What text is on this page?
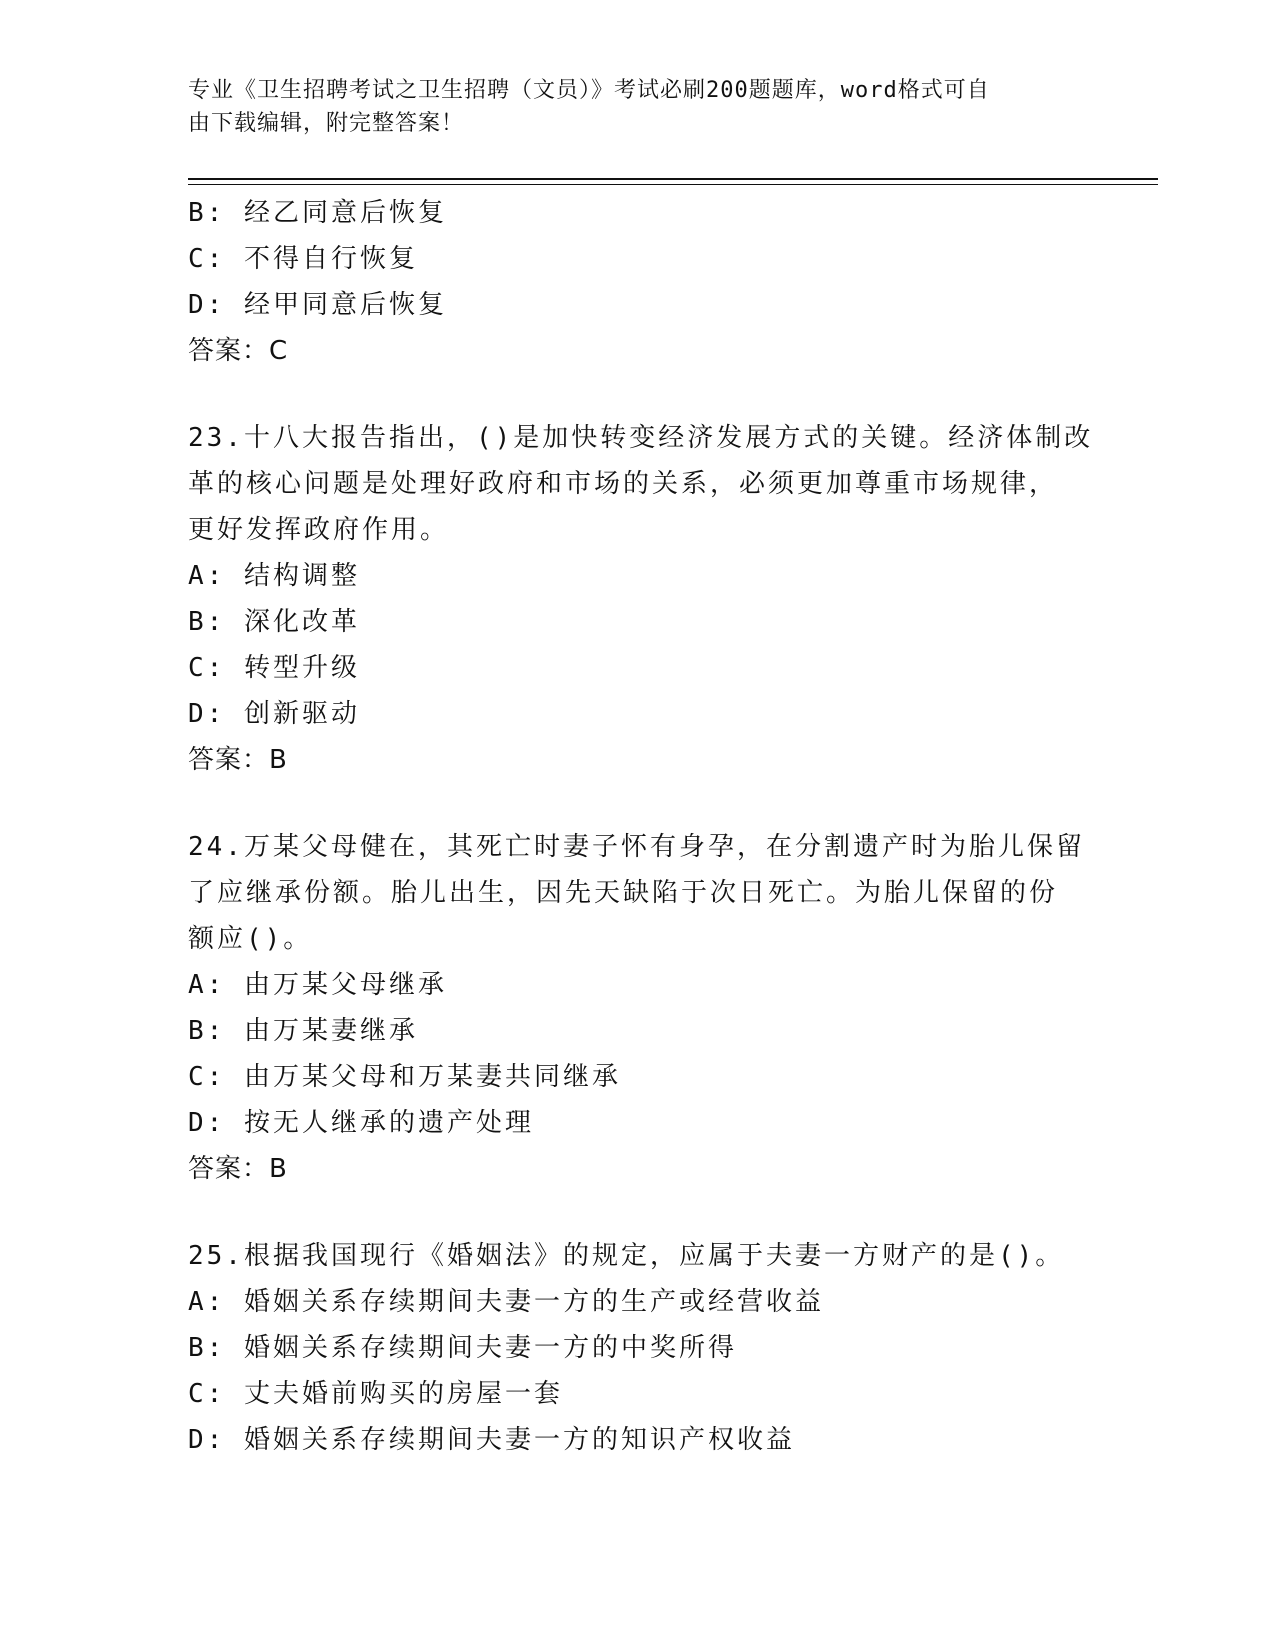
专业《卫生招聘考试之卫生招聘（文员）》考试必刷200题题库，word格式可自
由下载编辑，附完整答案！
B: 经乙同意后恢复
C: 不得自行恢复
D: 经甲同意后恢复
答案：C
23.十八大报告指出，()是加快转变经济发展方式的关键。经济体制改
革的核心问题是处理好政府和市场的关系，必须更加尊重市场规律，
更好发挥政府作用。
A: 结构调整
B: 深化改革
C: 转型升级
D: 创新驱动
答案：B
24.万某父母健在，其死亡时妻子怀有身孕，在分割遗产时为胎儿保留
了应继承份额。胎儿出生，因先天缺陷于次日死亡。为胎儿保留的份
额应()。
A: 由万某父母继承
B: 由万某妻继承
C: 由万某父母和万某妻共同继承
D: 按无人继承的遗产处理
答案：B
25.根据我国现行《婚姻法》的规定，应属于夫妻一方财产的是()。
A: 婚姻关系存续期间夫妻一方的生产或经营收益
B: 婚姻关系存续期间夫妻一方的中奖所得
C: 丈夫婚前购买的房屋一套
D: 婚姻关系存续期间夫妻一方的知识产权收益
